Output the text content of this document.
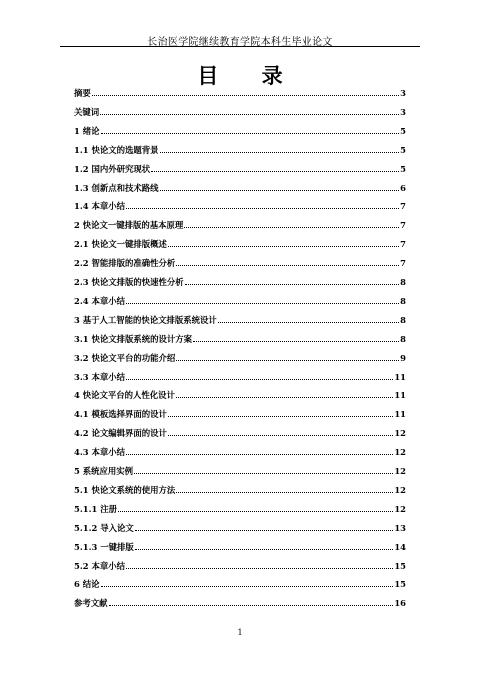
长治医学院继续教育学院本科生毕业论文
目 录
摘要	3
关键词	3
1 绪论	5
1.1 快论文的选题背景	5
1.2 国内外研究现状	5
1.3 创新点和技术路线	6
1.4 本章小结	7
2 快论文一键排版的基本原理	7
2.1 快论文一键排版概述	7
2.2 智能排版的准确性分析	7
2.3 快论文排版的快速性分析	8
2.4 本章小结	8
3 基于人工智能的快论文排版系统设计	8
3.1 快论文排版系统的设计方案	8
3.2 快论文平台的功能介绍	9
3.3 本章小结	11
4 快论文平台的人性化设计	11
4.1 模板选择界面的设计	11
4.2 论文编辑界面的设计	12
4.3 本章小结	12
5 系统应用实例	12
5.1 快论文系统的使用方法	12
5.1.1 注册	12
5.1.2 导入论文	13
5.1.3 一键排版	14
5.2 本章小结	15
6 结论	15
参考文献	16
1
